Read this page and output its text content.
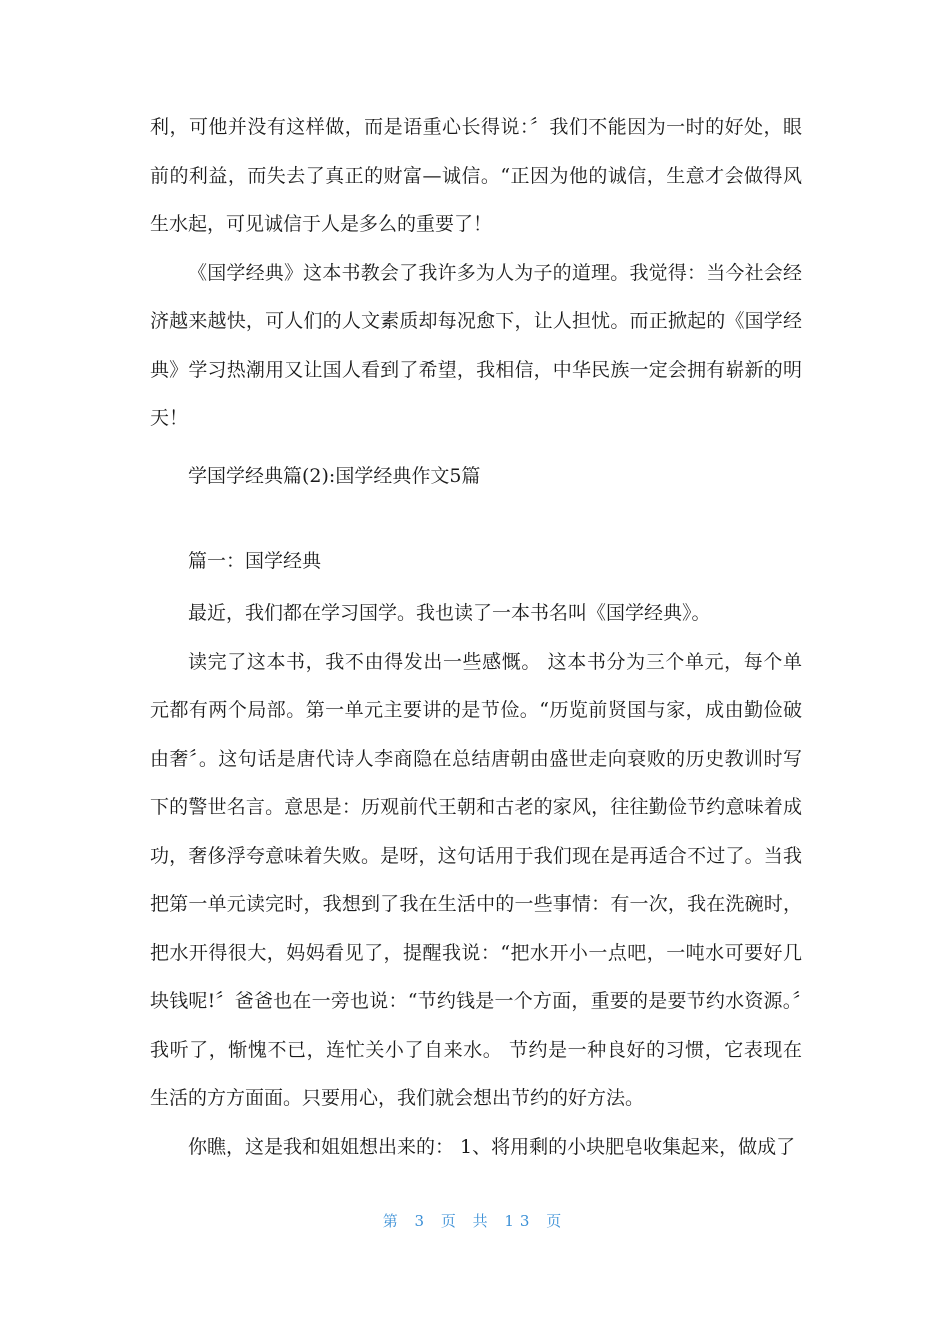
利，可他并没有这样做，而是语重心长得说：〞我们不能因为一时的好处，眼前的利益，而失去了真正的财富—诚信。“正因为他的诚信，生意才会做得风生水起，可见诚信于人是多么的重要了！

《国学经典》这本书教会了我许多为人为子的道理。我觉得：当今社会经济越来越快，可人们的人文素质却每况愈下，让人担忧。而正掀起的《国学经典》学习热潮用又让国人看到了希望，我相信，中华民族一定会拥有崭新的明天！

学国学经典篇(2):国学经典作文5篇
篇一：国学经典

最近，我们都在学习国学。我也读了一本书名叫《国学经典》。

读完了这本书，我不由得发出一些感慨。 这本书分为三个单元，每个单元都有两个局部。第一单元主要讲的是节俭。“历览前贤国与家，成由勤俭破由奢〞。这句话是唐代诗人李商隐在总结唐朝由盛世走向衰败的历史教训时写下的警世名言。意思是：历观前代王朝和古老的家风，往往勤俭节约意味着成功，奢侈浮夸意味着失败。是呀，这句话用于我们现在是再适合不过了。当我把第一单元读完时，我想到了我在生活中的一些事情：有一次，我在洗碗时，把水开得很大，妈妈看见了，提醒我说：“把水开小一点吧，一吨水可要好几块钱呢!〞爸爸也在一旁也说：“节约钱是一个方面，重要的是要节约水资源。〞我听了，惭愧不已，连忙关小了自来水。 节约是一种良好的习惯，它表现在生活的方方面面。只要用心，我们就会想出节约的好方法。

你瞧，这是我和姐姐想出来的： 1、将用剩的小块肥皂收集起来，做成了

第 3 页 共 13 页
